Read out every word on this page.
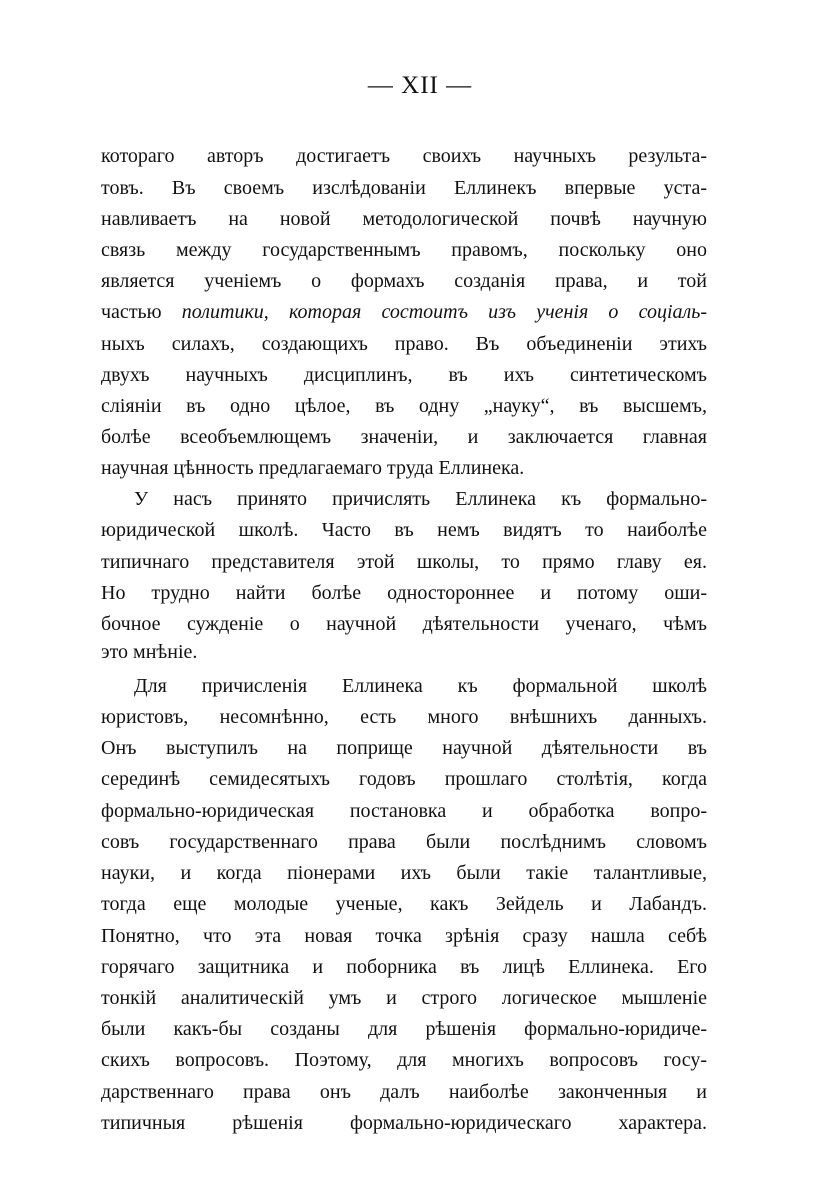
— XII —
котораго авторъ достигаетъ своихъ научныхъ результа-
товъ. Въ своемъ изслѣдованiи Еллинекъ впервые уста-
навливаетъ на новой методологической почвѣ научную
связь между государственнымъ правомъ, поскольку оно
является ученiемъ о формахъ созданiя права, и той
частью политики, которая состоитъ изъ ученiя о соцiаль-
ныхъ силахъ, создающихъ право. Въ объединенiи этихъ
двухъ научныхъ дисциплинъ, въ ихъ синтетическомъ
слiянiи въ одно цѣлое, въ одну „науку“, въ высшемъ,
болѣе всеобъемлющемъ значенiи, и заключается главная
научная цѣнность предлагаемаго труда Еллинека.
У насъ принято причислять Еллинека къ формально-
юридической школѣ. Часто въ немъ видятъ то наиболѣе
типичнаго представителя этой школы, то прямо главу ея.
Но трудно найти болѣе одностороннее и потому оши-
бочное сужденiе о научной дѣятельности ученаго, чѣмъ
это мнѣнiе.
Для причисленiя Еллинека къ формальной школѣ
юристовъ, несомнѣнно, есть много внѣшнихъ данныхъ.
Онъ выступилъ на поприще научной дѣятельности въ
серединѣ семидесятыхъ годовъ прошлаго столѣтiя, когда
формально-юридическая постановка и обработка вопро-
совъ государственнаго права были послѣднимъ словомъ
науки, и когда пiонерами ихъ были такiе талантливые,
тогда еще молодые ученые, какъ Зейдель и Лабандъ.
Понятно, что эта новая точка зрѣнiя сразу нашла себѣ
горячаго защитника и поборника въ лицѣ Еллинека. Его
тонкiй аналитическiй умъ и строго логическое мышленiе
были какъ-бы созданы для рѣшенiя формально-юридиче-
скихъ вопросовъ. Поэтому, для многихъ вопросовъ госу-
дарственнаго права онъ далъ наиболѣе законченныя и
типичныя рѣшенiя формально-юридическаго характера.
